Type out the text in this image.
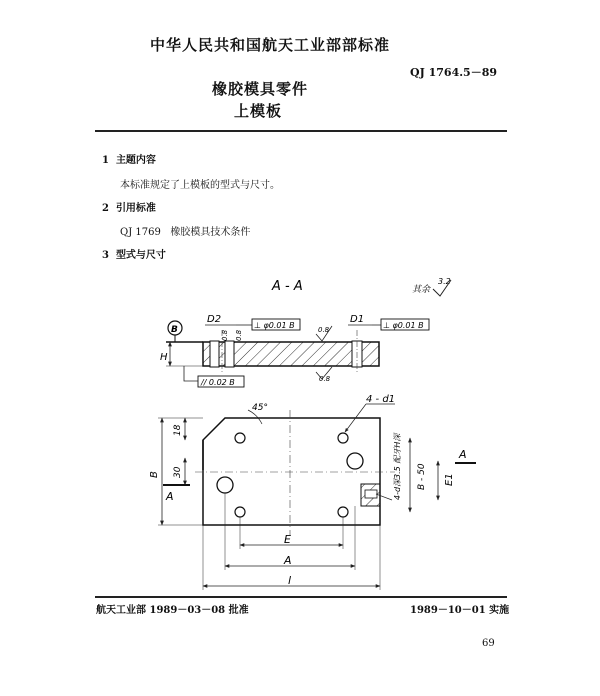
中华人民共和国航天工业部部标准
QJ 1764.5－89
橡胶模具零件
上模板
1 主题内容
本标准规定了上模板的型式与尺寸。
2 引用标准
QJ 1769 橡胶模具技术条件
3 型式与尺寸
A - A	其余
3.2
B
H
D2	D1
⊥ φ0.01 B	⊥ φ0.01 B
0.8 0.8	0.8
0.8
// 0.02 B
45°
4 - d1
4-d深3.5 配牙H深
18
30
B
A
B - 50 E1
A
E
A
l
航天工业部 1989－03－08 批准	1989－10－01 实施
69
